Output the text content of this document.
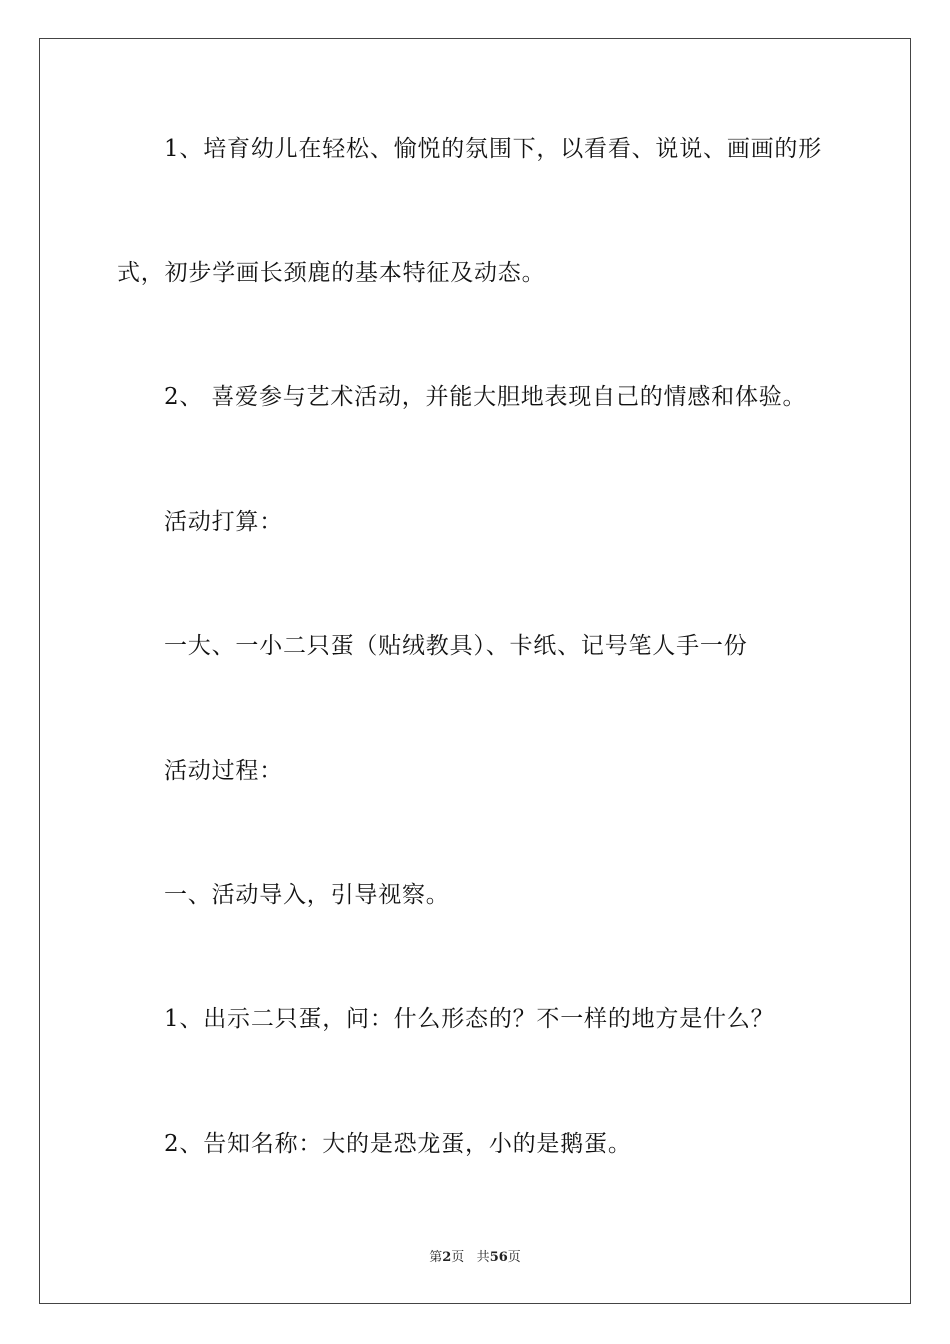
1、培育幼儿在轻松、愉悦的氛围下，以看看、说说、画画的形

式，初步学画长颈鹿的基本特征及动态。

2、 喜爱参与艺术活动，并能大胆地表现自己的情感和体验。

活动打算：

一大、一小二只蛋（贴绒教具）、卡纸、记号笔人手一份

活动过程：

一、活动导入，引导视察。

1、出示二只蛋，问：什么形态的？不一样的地方是什么？

2、告知名称：大的是恐龙蛋，小的是鹅蛋。

第2页 共56页
